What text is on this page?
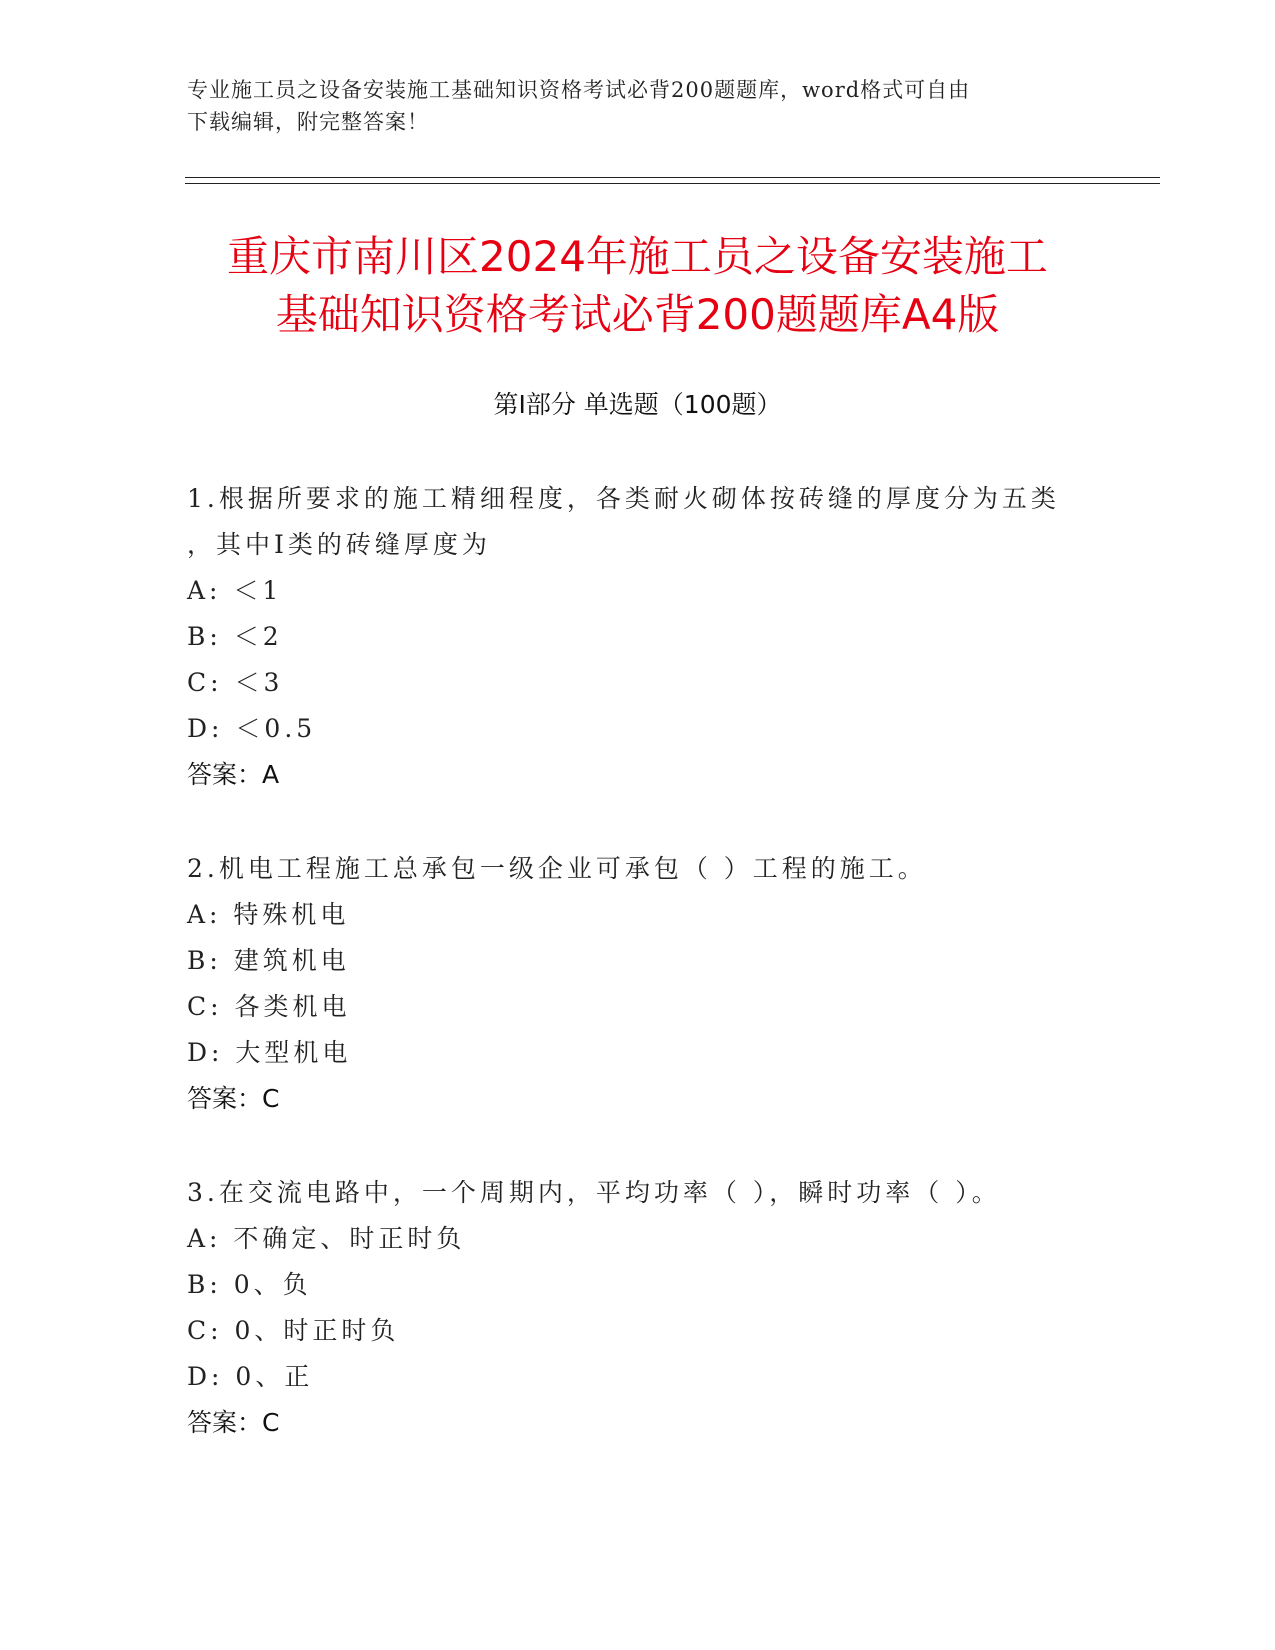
专业施工员之设备安装施工基础知识资格考试必背200题题库，word格式可自由
下载编辑，附完整答案！
重庆市南川区2024年施工员之设备安装施工
基础知识资格考试必背200题题库A4版
第Ⅰ部分 单选题（100题）
1.根据所要求的施工精细程度，各类耐火砌体按砖缝的厚度分为五类
，其中Ⅰ类的砖缝厚度为
A: ＜1
B: ＜2
C: ＜3
D: ＜0.5
答案：A
2.机电工程施工总承包一级企业可承包（ ）工程的施工。
A: 特殊机电
B: 建筑机电
C: 各类机电
D: 大型机电
答案：C
3.在交流电路中，一个周期内，平均功率（ ），瞬时功率（ ）。
A: 不确定、时正时负
B: 0、负
C: 0、时正时负
D: 0、正
答案：C
